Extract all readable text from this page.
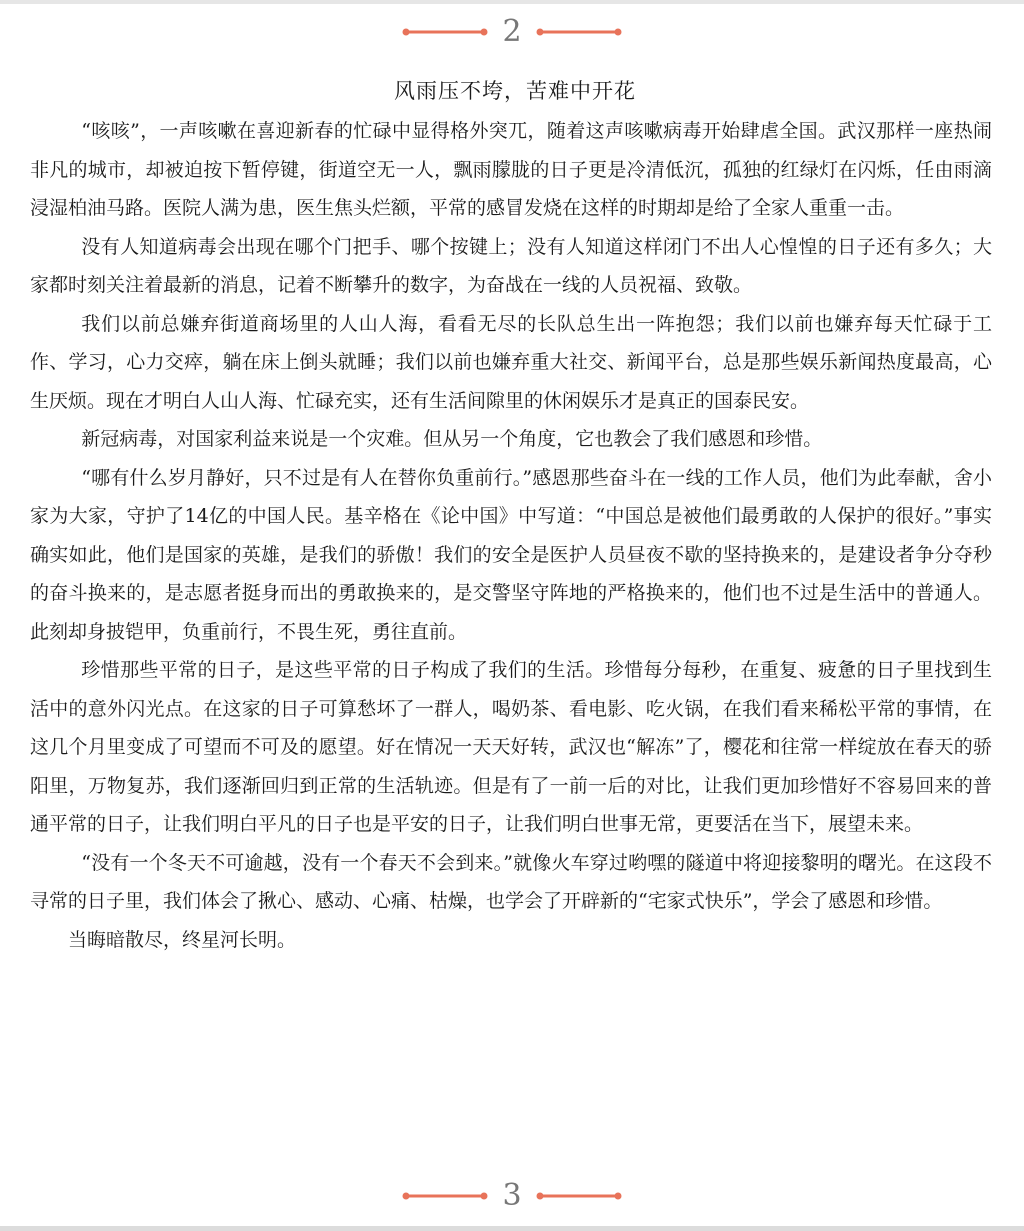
2
风雨压不垮，苦难中开花

“咳咳”，一声咳嗽在喜迎新春的忙碌中显得格外突兀，随着这声咳嗽病毒开始肆虐全国。武汉那样一座热闹非凡的城市，却被迫按下暂停键，街道空无一人，飘雨朦胧的日子更是冷清低沉，孤独的红绿灯在闪烁，任由雨滴浸湿柏油马路。医院人满为患，医生焦头烂额，平常的感冒发烧在这样的时期却是给了全家人重重一击。

没有人知道病毒会出现在哪个门把手、哪个按键上；没有人知道这样闭门不出人心惶惶的日子还有多久；大家都时刻关注着最新的消息，记着不断攀升的数字，为奋战在一线的人员祝福、致敬。

我们以前总嫌弃街道商场里的人山人海，看看无尽的长队总生出一阵抱怨；我们以前也嫌弃每天忙碌于工作、学习，心力交瘁，躺在床上倒头就睡；我们以前也嫌弃重大社交、新闻平台，总是那些娱乐新闻热度最高，心生厌烦。现在才明白人山人海、忙碌充实，还有生活间隙里的休闲娱乐才是真正的国泰民安。

新冠病毒，对国家利益来说是一个灾难。但从另一个角度，它也教会了我们感恩和珍惜。

“哪有什么岁月静好，只不过是有人在替你负重前行。”感恩那些奋斗在一线的工作人员，他们为此奉献，舍小家为大家，守护了14亿的中国人民。基辛格在《论中国》中写道：“中国总是被他们最勇敢的人保护的很好。”事实确实如此，他们是国家的英雄，是我们的骄傲！我们的安全是医护人员昼夜不歇的坚持换来的，是建设者争分夺秒的奋斗换来的，是志愿者挺身而出的勇敢换来的，是交警坚守阵地的严格换来的，他们也不过是生活中的普通人。此刻却身披铠甲，负重前行，不畏生死，勇往直前。

珍惜那些平常的日子，是这些平常的日子构成了我们的生活。珍惜每分每秒，在重复、疲惫的日子里找到生活中的意外闪光点。在这家的日子可算愁坏了一群人，喝奶茶、看电影、吃火锅，在我们看来稀松平常的事情，在这几个月里变成了可望而不可及的愿望。好在情况一天天好转，武汉也“解冻”了，樱花和往常一样绽放在春天的骄阳里，万物复苏，我们逐渐回归到正常的生活轨迹。但是有了一前一后的对比，让我们更加珍惜好不容易回来的普通平常的日子，让我们明白平凡的日子也是平安的日子，让我们明白世事无常，更要活在当下，展望未来。

“没有一个冬天不可逾越，没有一个春天不会到来。”就像火车穿过哟嘿的隧道中将迎接黎明的曙光。在这段不寻常的日子里，我们体会了揪心、感动、心痛、枯燥，也学会了开辟新的“宅家式快乐”，学会了感恩和珍惜。

当晦暗散尽，终星河长明。

3
